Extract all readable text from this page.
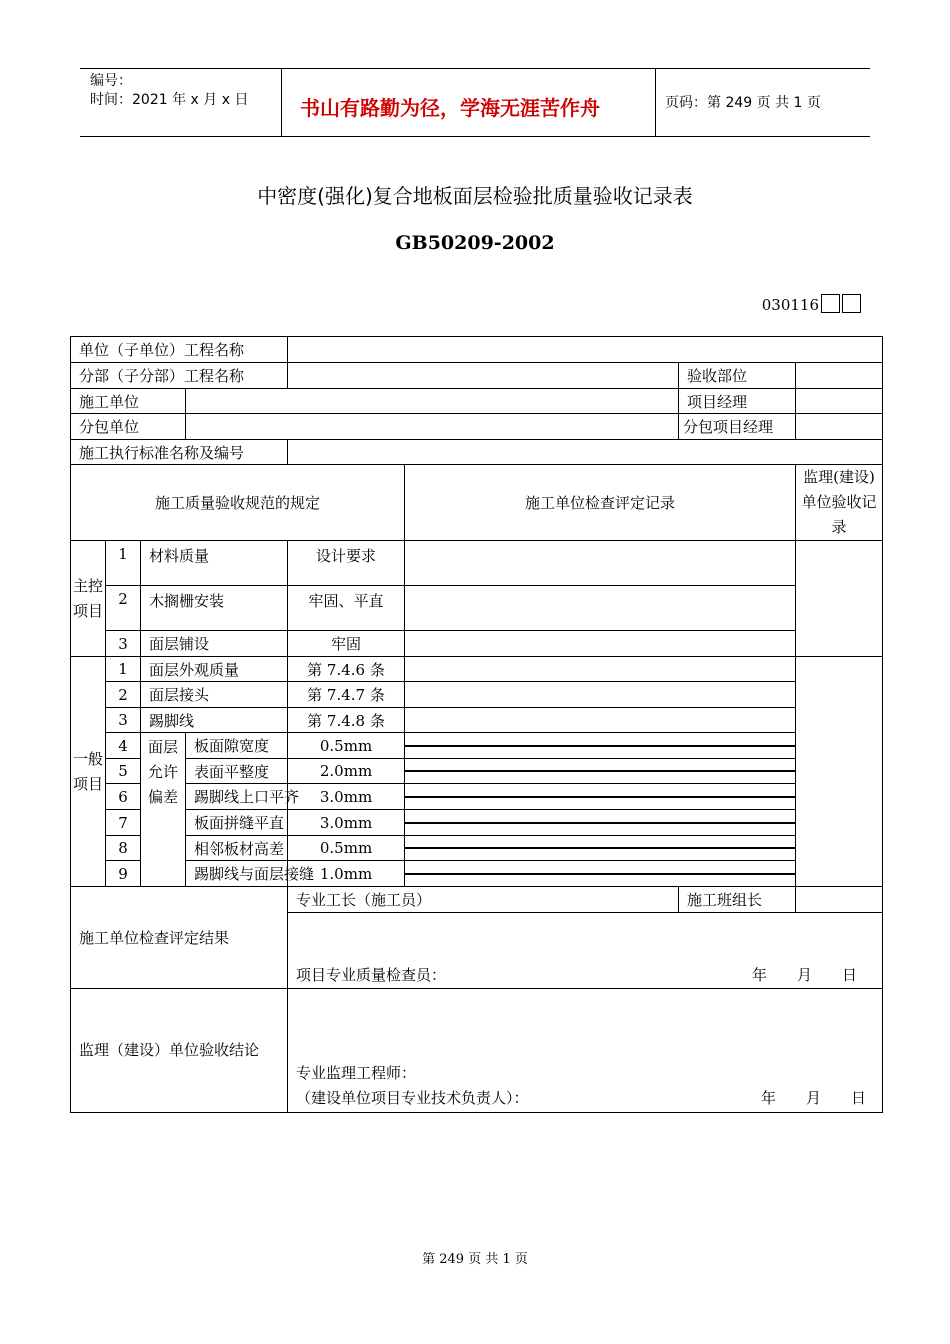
编号：
时间：2021 年 x 月 x 日	书山有路勤为径，学海无涯苦作舟	页码：第 249 页 共 1 页
中密度(强化)复合地板面层检验批质量验收记录表
GB50209-2002
030116
单位（子单位）工程名称	
分部（子分部）工程名称		验收部位	
施工单位		项目经理	
分包单位		分包项目经理	
施工执行标准名称及编号	
施工质量验收规范的规定	施工单位检查评定记录	监理(建设)单位验收记录
主控项目	1	材料质量	设计要求		
2	木搁栅安装	牢固、平直	
3	面层铺设	牢固	
一般项目	1	面层外观质量	第 7.4.6 条		
2	面层接头	第 7.4.7 条	
3	踢脚线	第 7.4.8 条	
4	面层允许偏差	板面隙宽度	0.5mm	

5	表面平整度	2.0mm	

6	踢脚线上口平齐	3.0mm	

7	板面拼缝平直	3.0mm	

8	相邻板材高差	0.5mm	

9	踢脚线与面层接缝	1.0mm	

施工单位检查评定结果	专业工长（施工员）	施工班组长	
项目专业质量检查员：	年　　月　　日

监理（建设）单位验收结论	
专业监理工程师：
（建设单位项目专业技术负责人）：	年　　月　　日
第 249 页 共 1 页
